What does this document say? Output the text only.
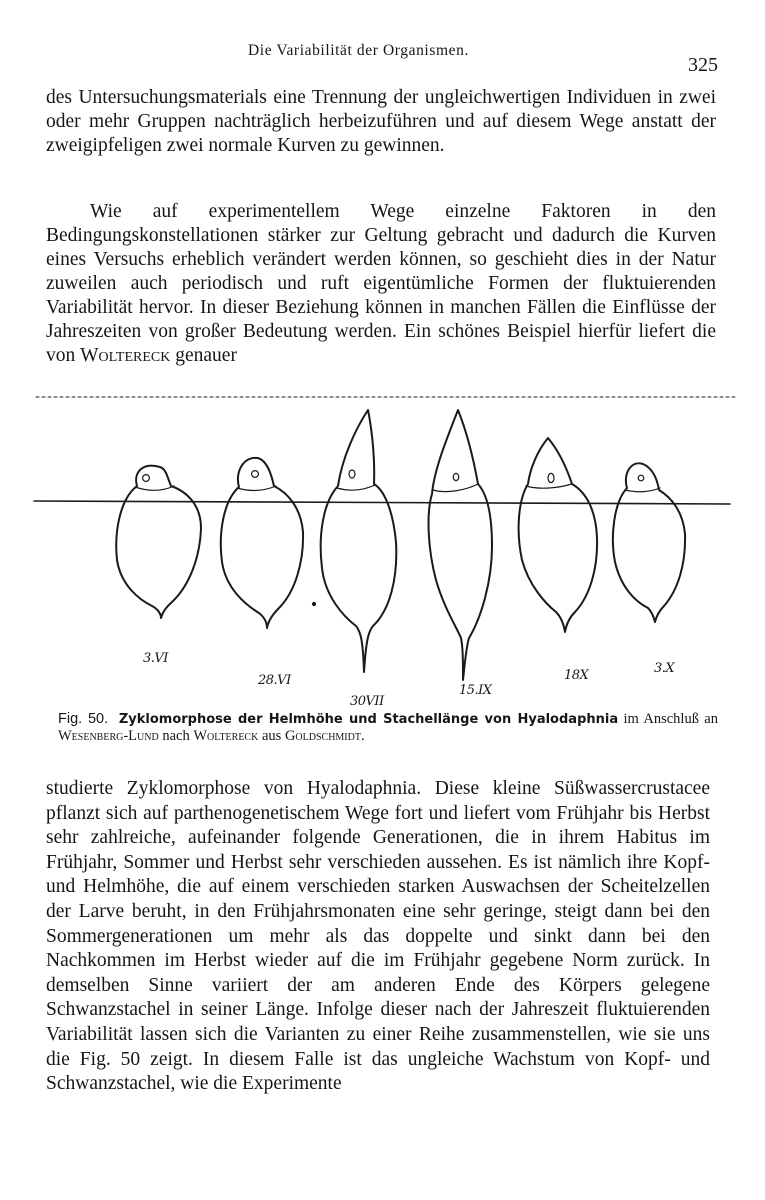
Die Variabilität der Organismen.
325
des Untersuchungsmaterials eine Trennung der ungleichwertigen Individuen in zwei oder mehr Gruppen nachträglich herbeizuführen und auf diesem Wege anstatt der zweigipfeligen zwei normale Kurven zu gewinnen.
Wie auf experimentellem Wege einzelne Faktoren in den Bedingungskonstellationen stärker zur Geltung gebracht und dadurch die Kurven eines Versuchs erheblich verändert werden können, so geschieht dies in der Natur zuweilen auch periodisch und ruft eigentümliche Formen der fluktuierenden Variabilität hervor. In dieser Beziehung können in manchen Fällen die Einflüsse der Jahreszeiten von großer Bedeutung werden. Ein schönes Beispiel hierfür liefert die von Woltereck genauer
3.VI
28.VI
30VII
15.IX
18X	3.X
Fig. 50. Zyklomorphose der Helmhöhe und Stachellänge von Hyalodaphnia im Anschluß an Wesenberg-Lund nach Woltereck aus Goldschmidt.
studierte Zyklomorphose von Hyalodaphnia. Diese kleine Süßwassercrustacee pflanzt sich auf parthenogenetischem Wege fort und liefert vom Frühjahr bis Herbst sehr zahlreiche, aufeinander folgende Generationen, die in ihrem Habitus im Frühjahr, Sommer und Herbst sehr verschieden aussehen. Es ist nämlich ihre Kopf- und Helmhöhe, die auf einem verschieden starken Auswachsen der Scheitelzellen der Larve beruht, in den Frühjahrsmonaten eine sehr geringe, steigt dann bei den Sommergenerationen um mehr als das doppelte und sinkt dann bei den Nachkommen im Herbst wieder auf die im Frühjahr gegebene Norm zurück. In demselben Sinne variiert der am anderen Ende des Körpers gelegene Schwanzstachel in seiner Länge. Infolge dieser nach der Jahreszeit fluktuierenden Variabilität lassen sich die Varianten zu einer Reihe zusammenstellen, wie sie uns die Fig. 50 zeigt. In diesem Falle ist das ungleiche Wachstum von Kopf- und Schwanzstachel, wie die Experimente
